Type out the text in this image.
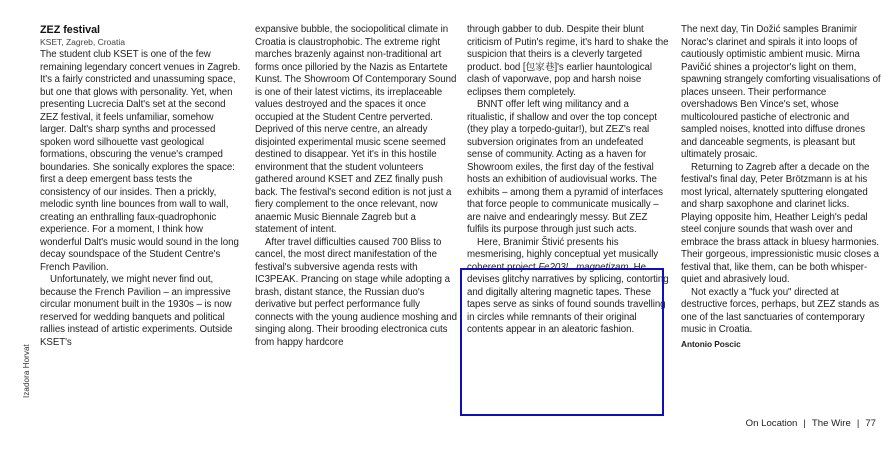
Izadora Horvat
ZEZ festival
KSET, Zagreb, Croatia

The student club KSET is one of the few remaining legendary concert venues in Zagreb. It's a fairly constricted and unassuming space, but one that glows with personality. Yet, when presenting Lucrecia Dalt's set at the second ZEZ festival, it feels unfamiliar, somehow larger. Dalt's sharp synths and processed spoken word silhouette vast geological formations, obscuring the venue's cramped boundaries. She sonically explores the space: first a deep emergent bass tests the consistency of our insides. Then a prickly, melodic synth line bounces from wall to wall, creating an enthralling faux-quadrophonic experience. For a moment, I think how wonderful Dalt's music would sound in the long decay soundspace of the Student Centre's French Pavilion.

Unfortunately, we might never find out, because the French Pavilion – an impressive circular monument built in the 1930s – is now reserved for wedding banquets and political rallies instead of artistic experiments. Outside KSET's

expansive bubble, the sociopolitical climate in Croatia is claustrophobic. The extreme right marches brazenly against non-traditional art forms once pilloried by the Nazis as Entartete Kunst. The Showroom Of Contemporary Sound is one of their latest victims, its irreplaceable values destroyed and the spaces it once occupied at the Student Centre perverted. Deprived of this nerve centre, an already disjointed experimental music scene seemed destined to disappear. Yet it's in this hostile environment that the student volunteers gathered around KSET and ZEZ finally push back. The festival's second edition is not just a fiery complement to the once relevant, now anaemic Music Biennale Zagreb but a statement of intent.

After travel difficulties caused 700 Bliss to cancel, the most direct manifestation of the festival's subversive agenda rests with IC3PEAK. Prancing on stage while adopting a brash, distant stance, the Russian duo's derivative but perfect performance fully connects with the young audience moshing and singing along. Their brooding electronica cuts from happy hardcore

through gabber to dub. Despite their blunt criticism of Putin's regime, it's hard to shake the suspicion that theirs is a cleverly targeted product. bod [包家巷]'s earlier hauntological clash of vaporwave, pop and harsh noise eclipses them completely.

BNNT offer left wing militancy and a ritualistic, if shallow and over the top concept (they play a torpedo-guitar!), but ZEZ's real subversion originates from an undefeated sense of community. Acting as a haven for Showroom exiles, the first day of the festival hosts an exhibition of audiovisual works. The exhibits – among them a pyramid of interfaces that force people to communicate musically – are naive and endearingly messy. But ZEZ fulfils its purpose through just such acts.

Here, Branimir Štivić presents his mesmerising, highly conceptual yet musically coherent project Fe203!.. magnetizam. He devises glitchy narratives by splicing, contorting and digitally altering magnetic tapes. These tapes serve as sinks of found sounds travelling in circles while remnants of their original contents appear in an aleatoric fashion.

The next day, Tin Dožić samples Branimir Norac's clarinet and spirals it into loops of cautiously optimistic ambient music. Mirna Pavičić shines a projector's light on them, spawning strangely comforting visualisations of places unseen. Their performance overshadows Ben Vince's set, whose multicoloured pastiche of electronic and sampled noises, knotted into diffuse drones and danceable segments, is pleasant but ultimately prosaic.

Returning to Zagreb after a decade on the festival's final day, Peter Brötzmann is at his most lyrical, alternately sputtering elongated and sharp saxophone and clarinet licks. Playing opposite him, Heather Leigh's pedal steel conjure sounds that wash over and embrace the brass attack in bluesy harmonies. Their gorgeous, impressionistic music closes a festival that, like them, can be both whisper-quiet and abrasively loud.

Not exactly a "fuck you" directed at destructive forces, perhaps, but ZEZ stands as one of the last sanctuaries of contemporary music in Croatia.

Antonio Poscic
On Location | The Wire | 77
